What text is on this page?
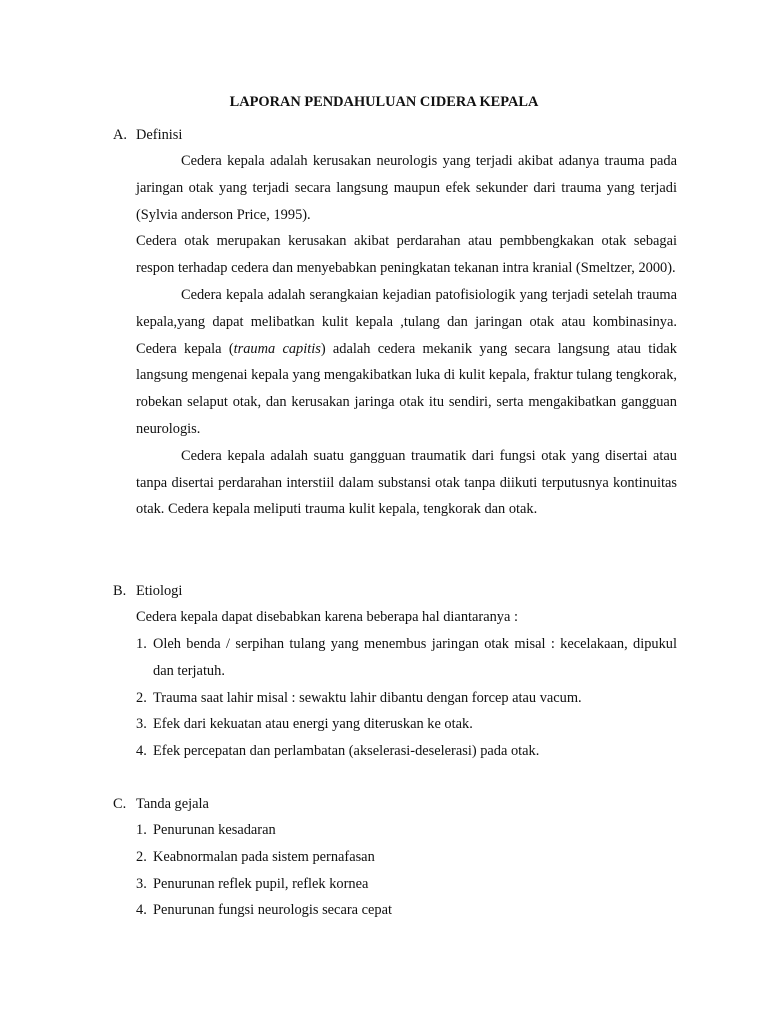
LAPORAN PENDAHULUAN CIDERA KEPALA
A. Definisi

Cedera kepala adalah kerusakan neurologis yang terjadi akibat adanya trauma pada jaringan otak yang terjadi secara langsung maupun efek sekunder dari trauma yang terjadi (Sylvia anderson Price, 1995).

Cedera otak merupakan kerusakan akibat perdarahan atau pembbengkakan otak sebagai respon terhadap cedera dan menyebabkan peningkatan tekanan intra kranial (Smeltzer, 2000).

Cedera kepala adalah serangkaian kejadian patofisiologik yang terjadi setelah trauma kepala,yang dapat melibatkan kulit kepala ,tulang dan jaringan otak atau kombinasinya. Cedera kepala (trauma capitis) adalah cedera mekanik yang secara langsung atau tidak langsung mengenai kepala yang mengakibatkan luka di kulit kepala, fraktur tulang tengkorak, robekan selaput otak, dan kerusakan jaringa otak itu sendiri, serta mengakibatkan gangguan neurologis.

Cedera kepala adalah suatu gangguan traumatik dari fungsi otak yang disertai atau tanpa disertai perdarahan interstiil dalam substansi otak tanpa diikuti terputusnya kontinuitas otak. Cedera kepala meliputi trauma kulit kepala, tengkorak dan otak.

B. Etiologi

Cedera kepala dapat disebabkan karena beberapa hal diantaranya :

1. Oleh benda / serpihan tulang yang menembus jaringan otak misal : kecelakaan, dipukul dan terjatuh.
2. Trauma saat lahir misal : sewaktu lahir dibantu dengan forcep atau vacum.
3. Efek dari kekuatan atau energi yang diteruskan ke otak.
4. Efek percepatan dan perlambatan (akselerasi-deselerasi) pada otak.
C. Tanda gejala
1. Penurunan kesadaran
2. Keabnormalan pada sistem pernafasan
3. Penurunan reflek pupil, reflek kornea
4. Penurunan fungsi neurologis secara cepat
